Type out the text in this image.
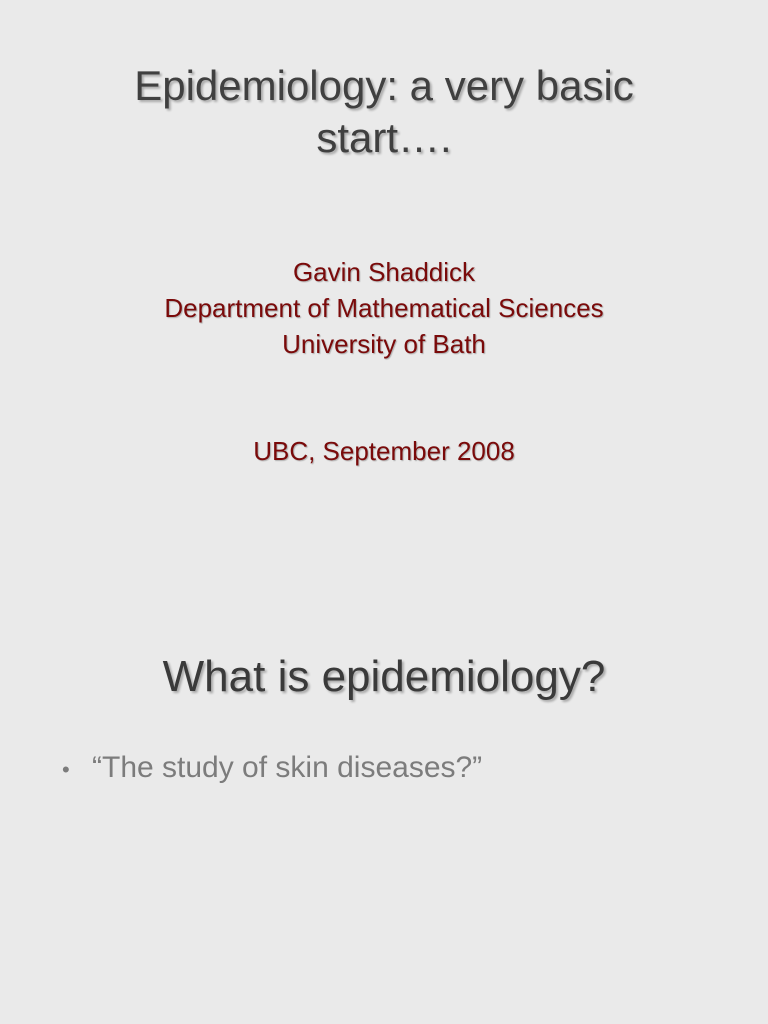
Epidemiology: a very basic
start….
Gavin Shaddick
Department of Mathematical Sciences
University of Bath
UBC, September 2008
What is epidemiology?
• “The study of skin diseases?”
